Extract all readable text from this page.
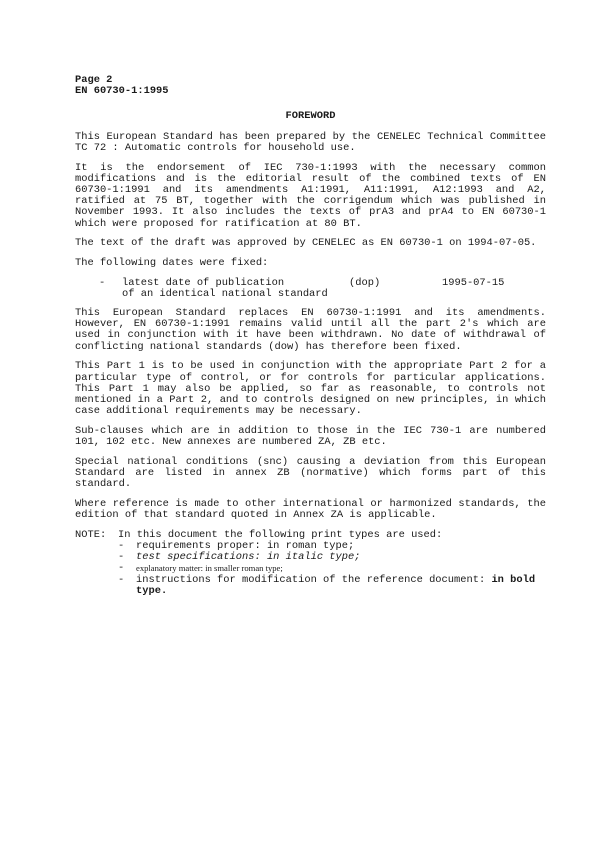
Page 2
EN 60730-1:1995
FOREWORD

This European Standard has been prepared by the CENELEC Technical Committee TC 72 : Automatic controls for household use.

It is the endorsement of IEC 730-1:1993 with the necessary common modifications and is the editorial result of the combined texts of EN 60730-1:1991 and its amendments A1:1991, A11:1991, A12:1993 and A2, ratified at 75 BT, together with the corrigendum which was published in November 1993. It also includes the texts of prA3 and prA4 to EN 60730-1 which were proposed for ratification at 80 BT.

The text of the draft was approved by CENELEC as EN 60730-1 on 1994-07-05.

The following dates were fixed:

-	latest date of publication	(dop)	1995-07-15
of an identical national standard

This European Standard replaces EN 60730-1:1991 and its amendments. However, EN 60730-1:1991 remains valid until all the part 2's which are used in conjunction with it have been withdrawn. No date of withdrawal of conflicting national standards (dow) has therefore been fixed.

This Part 1 is to be used in conjunction with the appropriate Part 2 for a particular type of control, or for controls for particular applications. This Part 1 may also be applied, so far as reasonable, to controls not mentioned in a Part 2, and to controls designed on new principles, in which case additional requirements may be necessary.

Sub-clauses which are in addition to those in the IEC 730-1 are numbered 101, 102 etc. New annexes are numbered ZA, ZB etc.

Special national conditions (snc) causing a deviation from this European Standard are listed in annex ZB (normative) which forms part of this standard.

Where reference is made to other international or harmonized standards, the edition of that standard quoted in Annex ZA is applicable.

NOTE:	In this document the following print types are used:
-	requirements proper: in roman type;
-	test specifications: in italic type;
-	explanatory matter: in smaller roman type;
-	instructions for modification of the reference document: in bold type.
